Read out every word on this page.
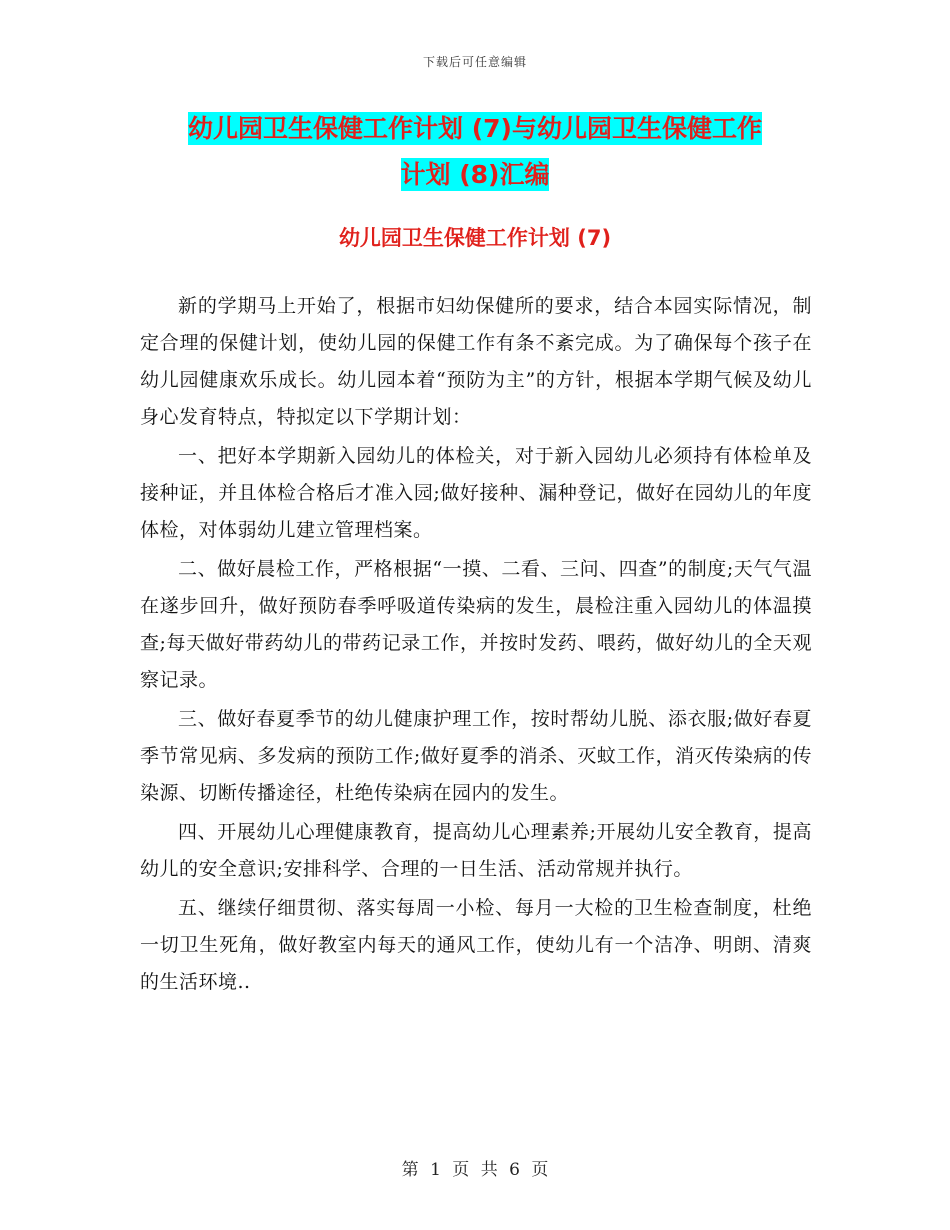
下载后可任意编辑
幼儿园卫生保健工作计划 (7)与幼儿园卫生保健工作
计划 (8)汇编
幼儿园卫生保健工作计划 (7)

新的学期马上开始了，根据市妇幼保健所的要求，结合本园实际情况，制定合理的保健计划，使幼儿园的保健工作有条不紊完成。为了确保每个孩子在幼儿园健康欢乐成长。幼儿园本着“预防为主”的方针，根据本学期气候及幼儿身心发育特点，特拟定以下学期计划：

一、把好本学期新入园幼儿的体检关，对于新入园幼儿必须持有体检单及接种证，并且体检合格后才准入园;做好接种、漏种登记，做好在园幼儿的年度体检，对体弱幼儿建立管理档案。

二、做好晨检工作，严格根据“一摸、二看、三问、四查”的制度;天气气温在遂步回升，做好预防春季呼吸道传染病的发生，晨检注重入园幼儿的体温摸查;每天做好带药幼儿的带药记录工作，并按时发药、喂药，做好幼儿的全天观察记录。

三、做好春夏季节的幼儿健康护理工作，按时帮幼儿脱、添衣服;做好春夏季节常见病、多发病的预防工作;做好夏季的消杀、灭蚊工作，消灭传染病的传染源、切断传播途径，杜绝传染病在园内的发生。

四、开展幼儿心理健康教育，提高幼儿心理素养;开展幼儿安全教育，提高幼儿的安全意识;安排科学、合理的一日生活、活动常规并执行。

五、继续仔细贯彻、落实每周一小检、每月一大检的卫生检查制度，杜绝一切卫生死角，做好教室内每天的通风工作，使幼儿有一个洁净、明朗、清爽的生活环境..

第 1 页 共 6 页
